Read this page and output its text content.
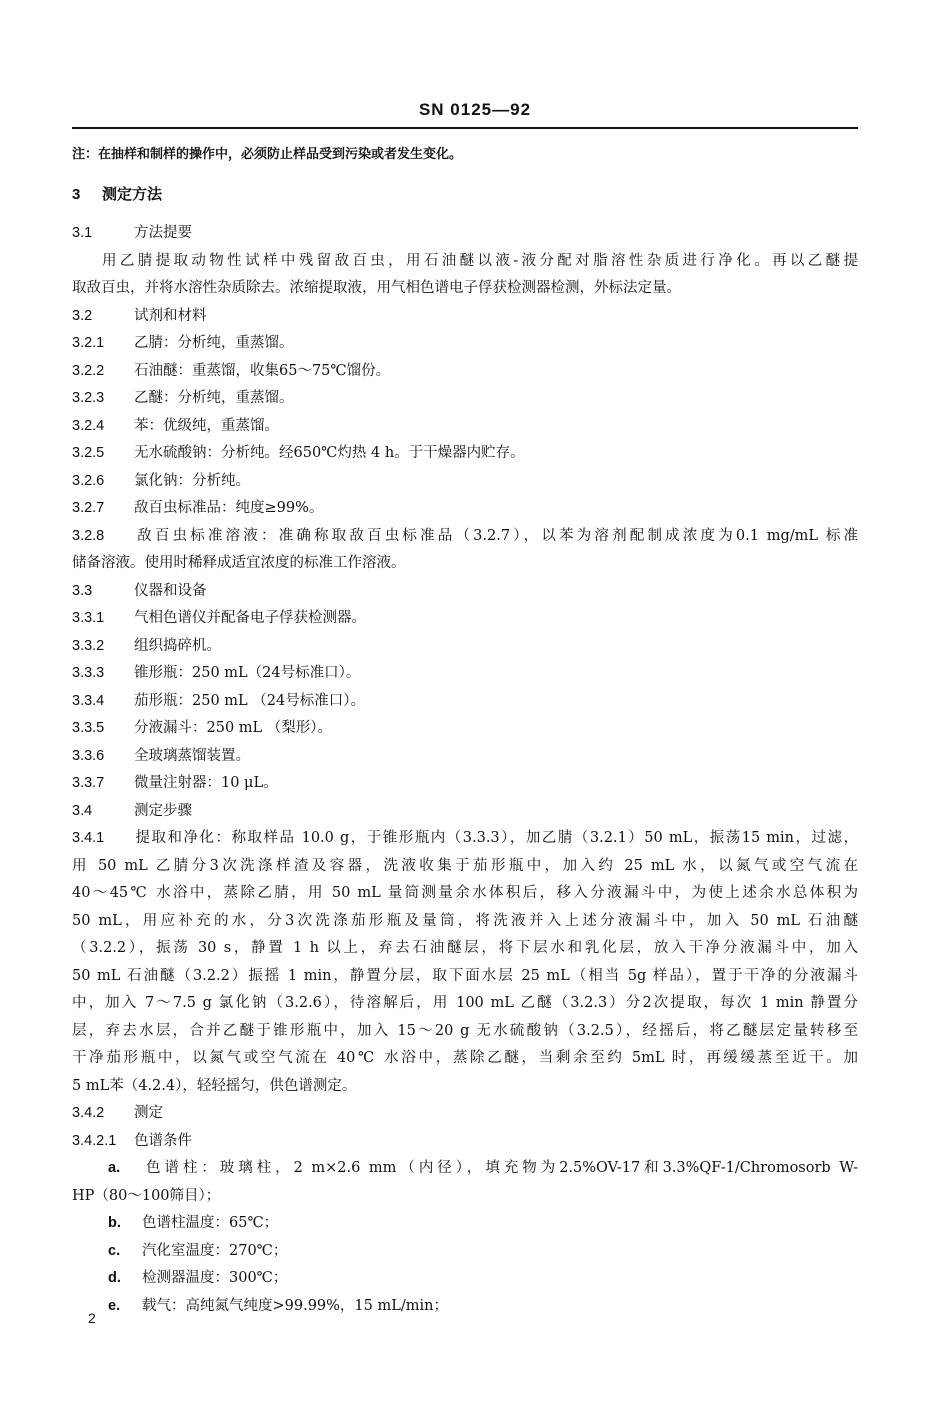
SN 0125—92
注：在抽样和制样的操作中，必须防止样品受到污染或者发生变化。
3 测定方法
3.1	方法提要
用乙腈提取动物性试样中残留敌百虫，用石油醚以液-液分配对脂溶性杂质进行净化。再以乙醚提
取敌百虫，并将水溶性杂质除去。浓缩提取液，用气相色谱电子俘获检测器检测，外标法定量。
3.2	试剂和材料
3.2.1 乙腈：分析纯，重蒸馏。
3.2.2 石油醚：重蒸馏，收集65～75℃馏份。
3.2.3 乙醚：分析纯，重蒸馏。
3.2.4 苯：优级纯，重蒸馏。
3.2.5 无水硫酸钠：分析纯。经650℃灼热 4 h。于干燥器内贮存。
3.2.6 氯化钠：分析纯。
3.2.7 敌百虫标准品：纯度≥99%。
3.2.8 敌百虫标准溶液：准确称取敌百虫标准品（3.2.7），以苯为溶剂配制成浓度为0.1 mg/mL 标准
储备溶液。使用时稀释成适宜浓度的标准工作溶液。
3.3	仪器和设备
3.3.1 气相色谱仪并配备电子俘获检测器。
3.3.2 组织捣碎机。
3.3.3 锥形瓶：250 mL（24号标准口）。
3.3.4 茄形瓶：250 mL （24号标准口）。
3.3.5 分液漏斗：250 mL （梨形）。
3.3.6 全玻璃蒸馏装置。
3.3.7 微量注射器：10 μL。
3.4	测定步骤
3.4.1 提取和净化：称取样品 10.0 g，于锥形瓶内（3.3.3），加乙腈（3.2.1）50 mL，振荡15 min，过滤，
用 50 mL 乙腈分3次洗涤样渣及容器，洗液收集于茄形瓶中，加入约 25 mL 水，以氮气或空气流在
40～45℃ 水浴中，蒸除乙腈，用 50 mL 量筒测量余水体积后，移入分液漏斗中，为使上述余水总体积为
50 mL，用应补充的水，分3次洗涤茄形瓶及量筒，将洗液并入上述分液漏斗中，加入 50 mL 石油醚
（3.2.2），振荡 30 s，静置 1 h 以上，弃去石油醚层，将下层水和乳化层，放入干净分液漏斗中，加入
50 mL 石油醚（3.2.2）振摇 1 min，静置分层，取下面水层 25 mL（相当 5g 样品），置于干净的分液漏斗
中，加入 7～7.5 g 氯化钠（3.2.6），待溶解后，用 100 mL 乙醚（3.2.3）分2次提取，每次 1 min 静置分
层，弃去水层，合并乙醚于锥形瓶中，加入 15～20 g 无水硫酸钠（3.2.5），经摇后，将乙醚层定量转移至
干净茄形瓶中，以氮气或空气流在 40℃ 水浴中，蒸除乙醚，当剩余至约 5mL 时，再缓缓蒸至近干。加
5 mL苯（4.2.4），轻轻摇匀，供色谱测定。
3.4.2 测定
3.4.2.1 色谱条件
a. 色谱柱：玻璃柱，2 m×2.6 mm（内径），填充物为2.5%OV-17和3.3%QF-1/Chromosorb W-
HP（80～100筛目）；
b. 色谱柱温度：65℃；
c. 汽化室温度：270℃；
d. 检测器温度：300℃；
e. 载气：高纯氮气纯度>99.99%，15 mL/min；
2
